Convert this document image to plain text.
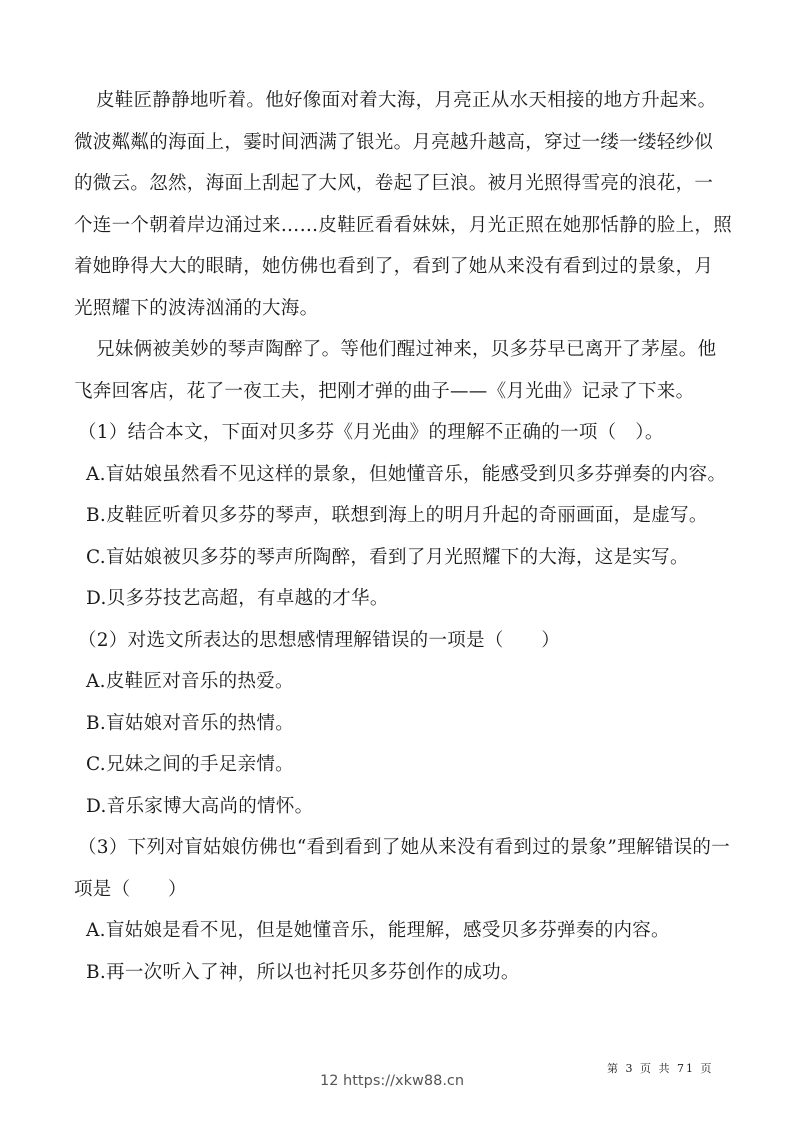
皮鞋匠静静地听着。他好像面对着大海，月亮正从水天相接的地方升起来。
微波粼粼的海面上，霎时间洒满了银光。月亮越升越高，穿过一缕一缕轻纱似
的微云。忽然，海面上刮起了大风，卷起了巨浪。被月光照得雪亮的浪花，一
个连一个朝着岸边涌过来……皮鞋匠看看妹妹，月光正照在她那恬静的脸上，照
着她睁得大大的眼睛，她仿佛也看到了，看到了她从来没有看到过的景象，月
光照耀下的波涛汹涌的大海。
兄妹俩被美妙的琴声陶醉了。等他们醒过神来，贝多芬早已离开了茅屋。他
飞奔回客店，花了一夜工夫，把刚才弹的曲子——《月光曲》记录了下来。
（1）结合本文，下面对贝多芬《月光曲》的理解不正确的一项（　）。
A.盲姑娘虽然看不见这样的景象，但她懂音乐，能感受到贝多芬弹奏的内容。
B.皮鞋匠听着贝多芬的琴声，联想到海上的明月升起的奇丽画面，是虚写。
C.盲姑娘被贝多芬的琴声所陶醉，看到了月光照耀下的大海，这是实写。
D.贝多芬技艺高超，有卓越的才华。
（2）对选文所表达的思想感情理解错误的一项是（　　）
A.皮鞋匠对音乐的热爱。
B.盲姑娘对音乐的热情。
C.兄妹之间的手足亲情。
D.音乐家博大高尚的情怀。
（3）下列对盲姑娘仿佛也“看到看到了她从来没有看到过的景象”理解错误的一
项是（　　）
A.盲姑娘是看不见，但是她懂音乐，能理解，感受贝多芬弹奏的内容。
B.再一次听入了神，所以也衬托贝多芬创作的成功。
第 3 页 共 71 页
12 https://xkw88.cn
